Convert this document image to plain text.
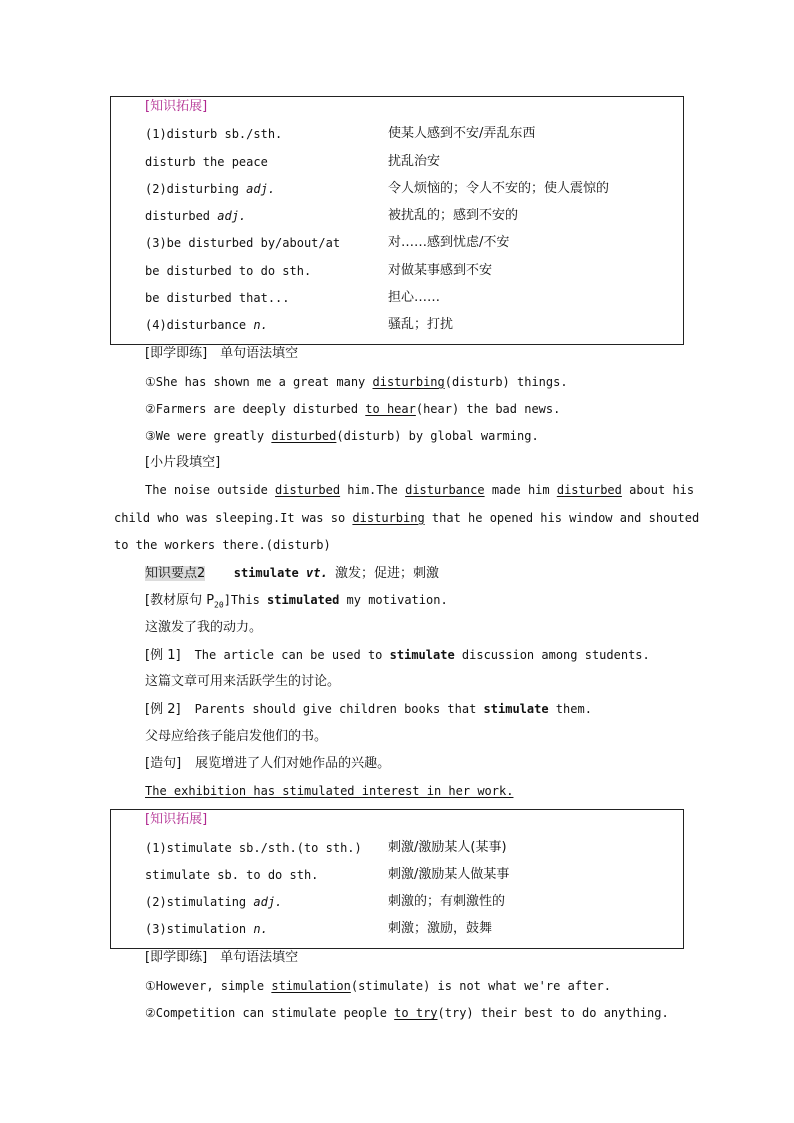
[知识拓展]
(1)disturb sb./sth.	使某人感到不安/弄乱东西
disturb the peace	扰乱治安
(2)disturbing adj.	令人烦恼的；令人不安的；使人震惊的
disturbed adj.	被扰乱的；感到不安的
(3)be disturbed by/about/at	对……感到忧虑/不安
be disturbed to do sth.	对做某事感到不安
be disturbed that...	担心……
(4)disturbance n.	骚乱；打扰
[即学即练]　单句语法填空
①She has shown me a great many disturbing(disturb) things.
②Farmers are deeply disturbed to hear(hear) the bad news.
③We were greatly disturbed(disturb) by global warming.
[小片段填空]
The noise outside disturbed him.The disturbance made him disturbed about his
child who was sleeping.It was so disturbing that he opened his window and shouted
to the workers there.(disturb)
知识要点2 stimulate vt. 激发；促进；刺激
[教材原句 $P_{20}]This$ stimulated my motivation.
这激发了我的动力。
[例 1] The article can be used to stimulate discussion among students.
这篇文章可用来活跃学生的讨论。
[例 2] Parents should give children books that stimulate them.
父母应给孩子能启发他们的书。
[造句] 展览增进了人们对她作品的兴趣。
The exhibition has stimulated interest in her work.
[知识拓展]
(1)stimulate sb./sth.(to sth.) 刺激/激励某人(某事)
stimulate sb. to do sth.	刺激/激励某人做某事
(2)stimulating adj.	刺激的；有刺激性的
(3)stimulation n.	刺激；激励，鼓舞
[即学即练]　单句语法填空
①However, simple stimulation(stimulate) is not what we're after.
②Competition can stimulate people to try(try) their best to do anything.
